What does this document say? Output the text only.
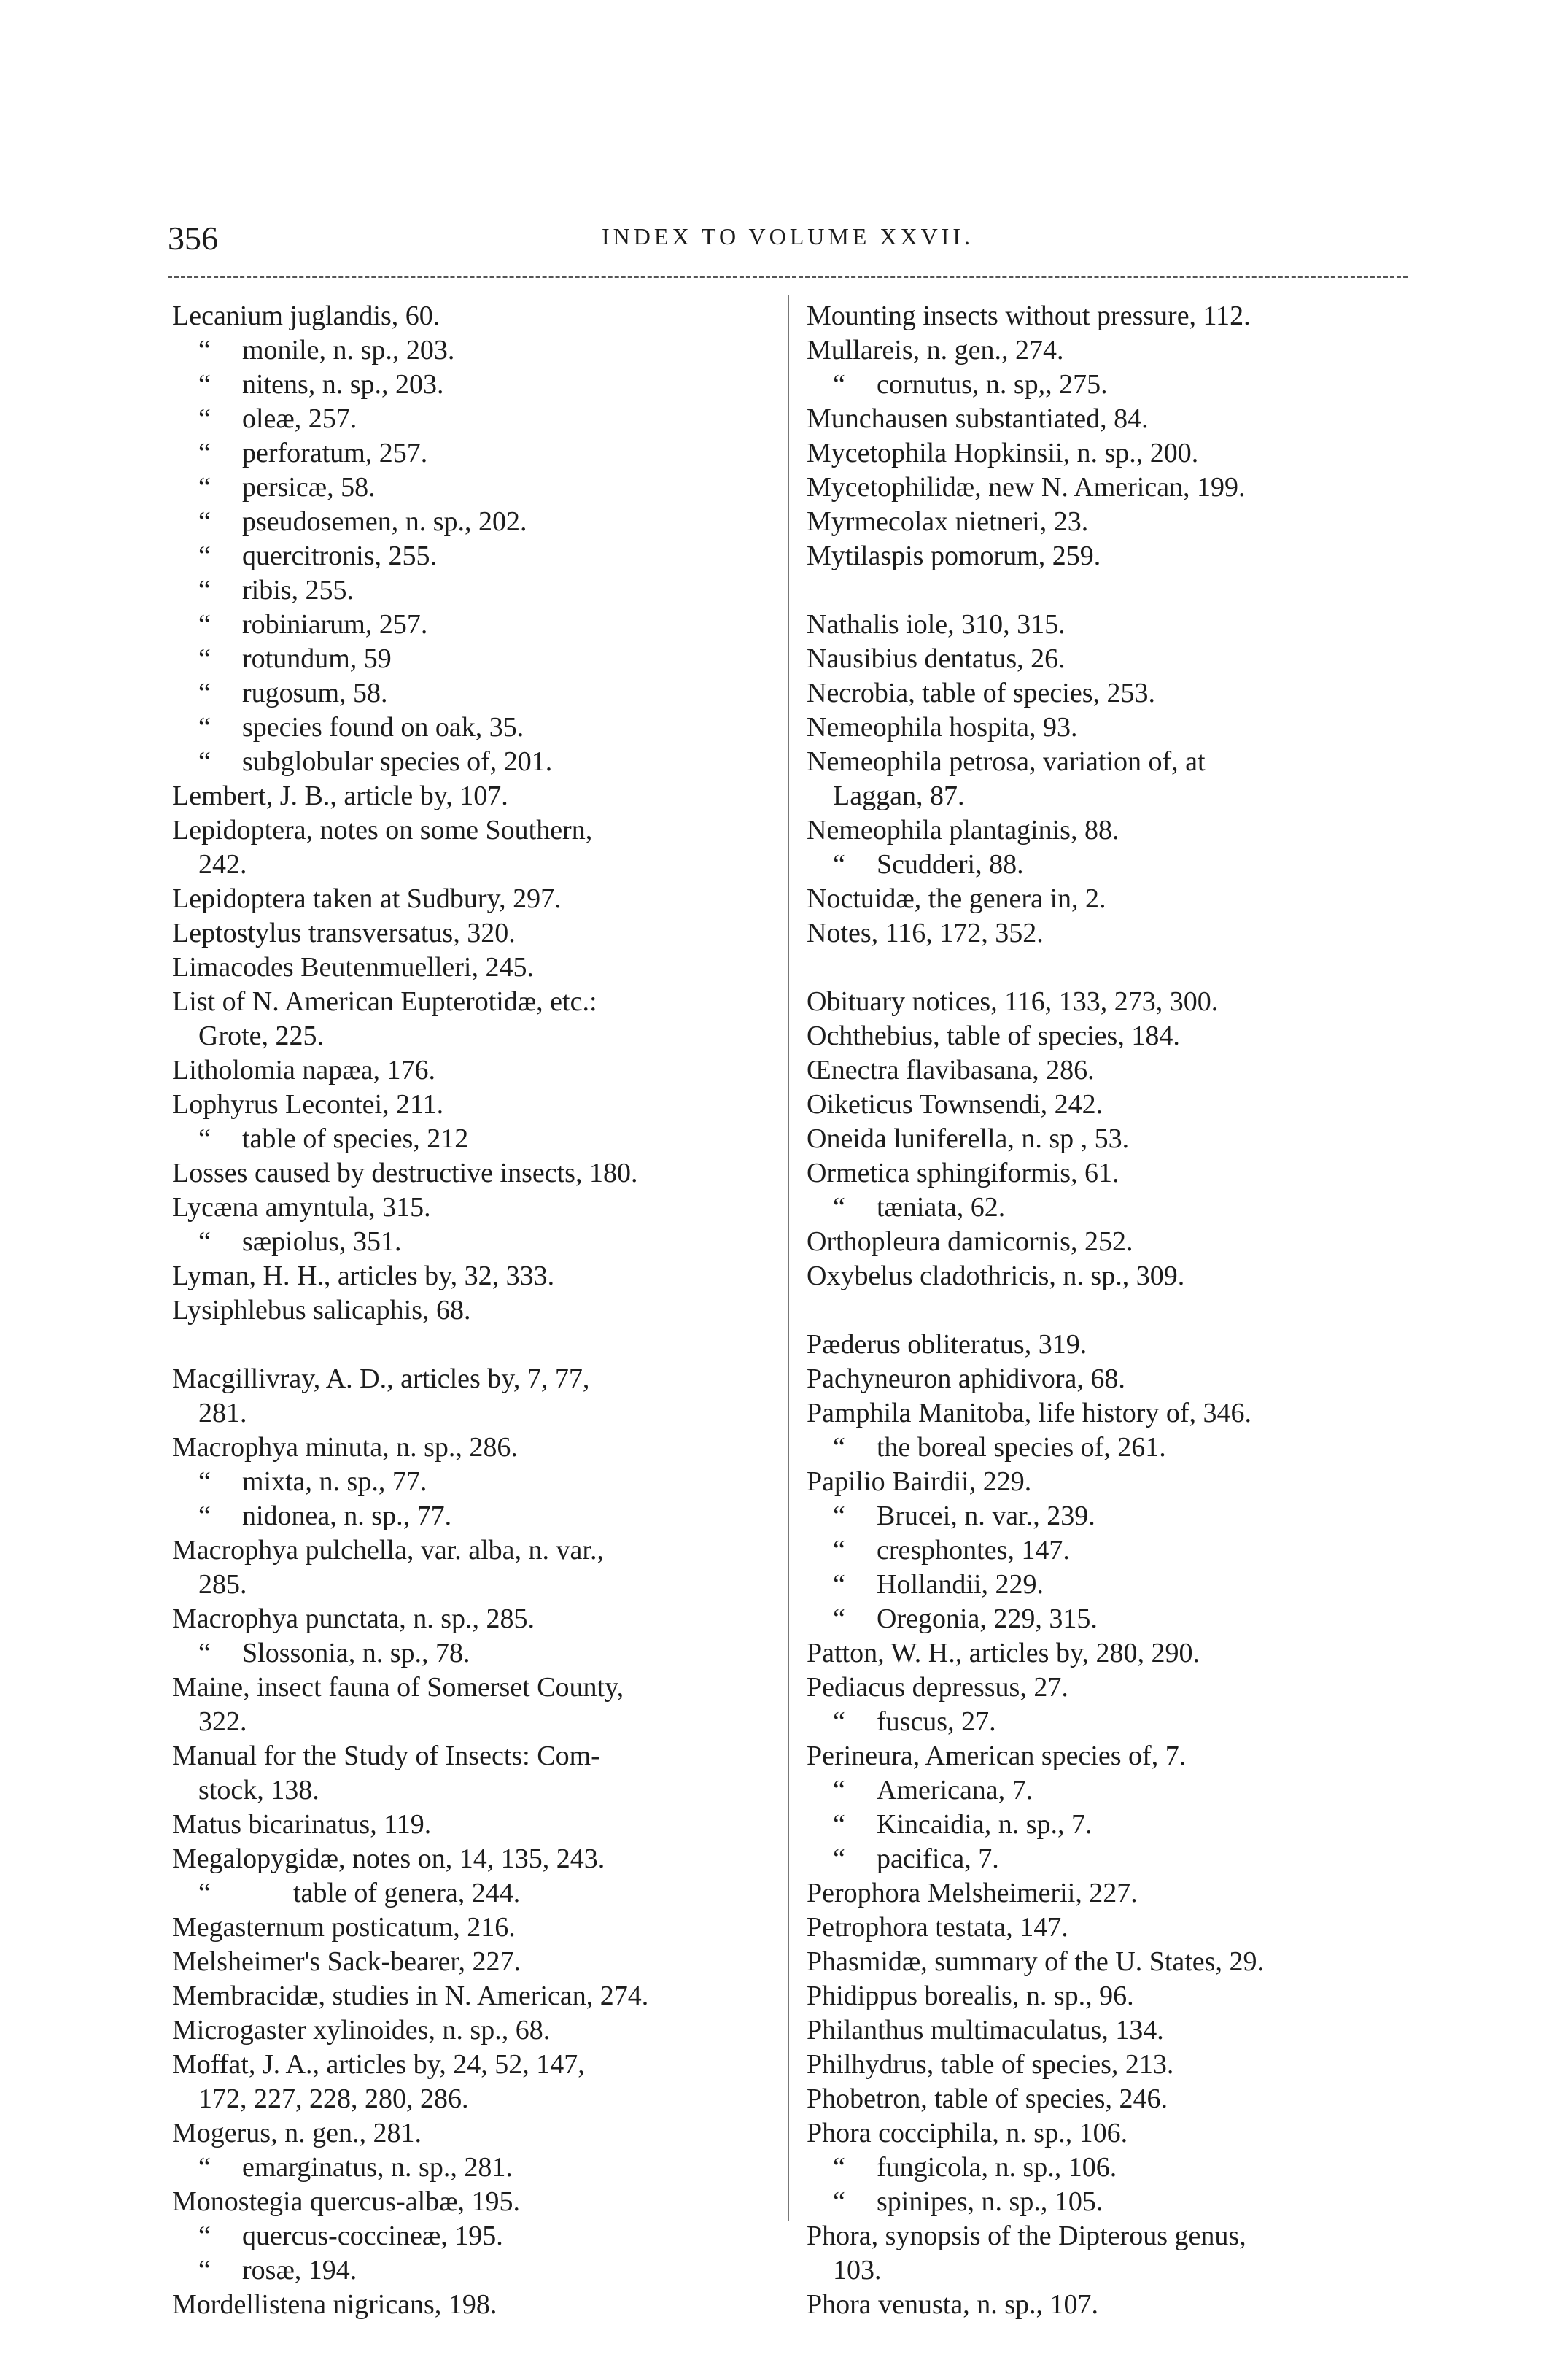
356	INDEX TO VOLUME XXVII.
Lecanium juglandis, 60.
“ monile, n. sp., 203.
“ nitens, n. sp., 203.
“ oleæ, 257.
“ perforatum, 257.
“ persicæ, 58.
“ pseudosemen, n. sp., 202.
“ quercitronis, 255.
“ ribis, 255.
“ robiniarum, 257.
“ rotundum, 59
“ rugosum, 58.
“ species found on oak, 35.
“ subglobular species of, 201.
Lembert, J. B., article by, 107.
Lepidoptera, notes on some Southern,
242.
Lepidoptera taken at Sudbury, 297.
Leptostylus transversatus, 320.
Limacodes Beutenmuelleri, 245.
List of N. American Eupterotidæ, etc.:
Grote, 225.
Litholomia napæa, 176.
Lophyrus Lecontei, 211.
“ table of species, 212
Losses caused by destructive insects, 180.
Lycæna amyntula, 315.
“ sæpiolus, 351.
Lyman, H. H., articles by, 32, 333.
Lysiphlebus salicaphis, 68.
Macgillivray, A. D., articles by, 7, 77,
281.
Macrophya minuta, n. sp., 286.
“ mixta, n. sp., 77.
“ nidonea, n. sp., 77.
Macrophya pulchella, var. alba, n. var.,
285.
Macrophya punctata, n. sp., 285.
“ Slossonia, n. sp., 78.
Maine, insect fauna of Somerset County,
322.
Manual for the Study of Insects: Com-
stock, 138.
Matus bicarinatus, 119.
Megalopygidæ, notes on, 14, 135, 243.
“	table of genera, 244.
Megasternum posticatum, 216.
Melsheimer's Sack-bearer, 227.
Membracidæ, studies in N. American, 274.
Microgaster xylinoides, n. sp., 68.
Moffat, J. A., articles by, 24, 52, 147,
172, 227, 228, 280, 286.
Mogerus, n. gen., 281.
“ emarginatus, n. sp., 281.
Monostegia quercus-albæ, 195.
“ quercus-coccineæ, 195.
“ rosæ, 194.
Mordellistena nigricans, 198.
Mounting insects without pressure, 112.
Mullareis, n. gen., 274.
“ cornutus, n. sp,, 275.
Munchausen substantiated, 84.
Mycetophila Hopkinsii, n. sp., 200.
Mycetophilidæ, new N. American, 199.
Myrmecolax nietneri, 23.
Mytilaspis pomorum, 259.
Nathalis iole, 310, 315.
Nausibius dentatus, 26.
Necrobia, table of species, 253.
Nemeophila hospita, 93.
Nemeophila petrosa, variation of, at
Laggan, 87.
Nemeophila plantaginis, 88.
“ Scudderi, 88.
Noctuidæ, the genera in, 2.
Notes, 116, 172, 352.
Obituary notices, 116, 133, 273, 300.
Ochthebius, table of species, 184.
Œnectra flavibasana, 286.
Oiketicus Townsendi, 242.
Oneida luniferella, n. sp , 53.
Ormetica sphingiformis, 61.
“ tæniata, 62.
Orthopleura damicornis, 252.
Oxybelus cladothricis, n. sp., 309.
Pæderus obliteratus, 319.
Pachyneuron aphidivora, 68.
Pamphila Manitoba, life history of, 346.
“ the boreal species of, 261.
Papilio Bairdii, 229.
“ Brucei, n. var., 239.
“ cresphontes, 147.
“ Hollandii, 229.
“ Oregonia, 229, 315.
Patton, W. H., articles by, 280, 290.
Pediacus depressus, 27.
“ fuscus, 27.
Perineura, American species of, 7.
“ Americana, 7.
“ Kincaidia, n. sp., 7.
“ pacifica, 7.
Perophora Melsheimerii, 227.
Petrophora testata, 147.
Phasmidæ, summary of the U. States, 29.
Phidippus borealis, n. sp., 96.
Philanthus multimaculatus, 134.
Philhydrus, table of species, 213.
Phobetron, table of species, 246.
Phora cocciphila, n. sp., 106.
“ fungicola, n. sp., 106.
“ spinipes, n. sp., 105.
Phora, synopsis of the Dipterous genus,
103.
Phora venusta, n. sp., 107.
